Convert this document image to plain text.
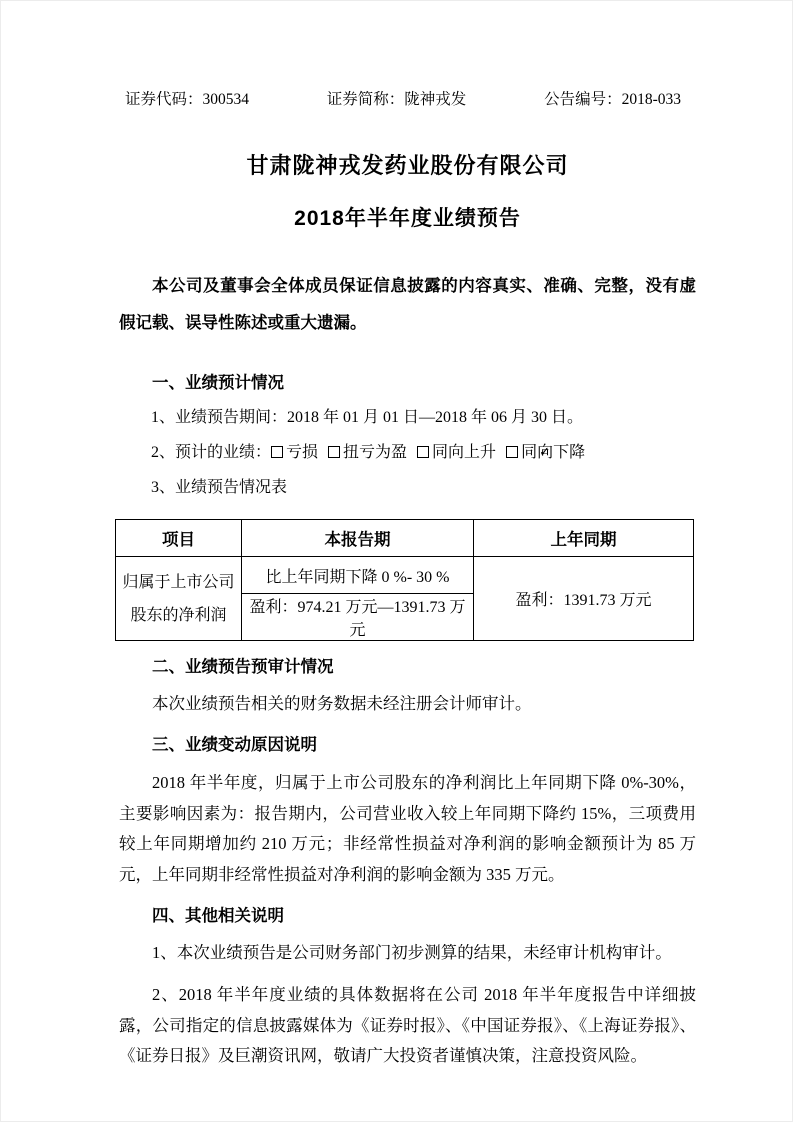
证券代码：300534	证券简称：陇神戎发	公告编号：2018-033
甘肃陇神戎发药业股份有限公司
2018年半年度业绩预告
本公司及董事会全体成员保证信息披露的内容真实、准确、完整，没有虚假记载、误导性陈述或重大遗漏。
一、业绩预计情况
1、业绩预告期间：2018 年 01 月 01 日—2018 年 06 月 30 日。
2、预计的业绩： 亏损 扭亏为盈 同向上升 ✓ 同向下降
3、业绩预告情况表
项目	本报告期	上年同期

归属于上市公司
股东的净利润	比上年同期下降 0 %- 30 %	盈利：1391.73 万元
	盈利：974.21 万元—1391.73 万元	
二、业绩预告预审计情况
本次业绩预告相关的财务数据未经注册会计师审计。
三、业绩变动原因说明
2018 年半年度，归属于上市公司股东的净利润比上年同期下降 0%-30%，主要影响因素为：报告期内，公司营业收入较上年同期下降约 15%，三项费用较上年同期增加约 210 万元；非经常性损益对净利润的影响金额预计为 85 万元，上年同期非经常性损益对净利润的影响金额为 335 万元。
四、其他相关说明
1、本次业绩预告是公司财务部门初步测算的结果，未经审计机构审计。
2、2018 年半年度业绩的具体数据将在公司 2018 年半年度报告中详细披露，公司指定的信息披露媒体为《证券时报》、《中国证券报》、《上海证券报》、《证券日报》及巨潮资讯网，敬请广大投资者谨慎决策，注意投资风险。
